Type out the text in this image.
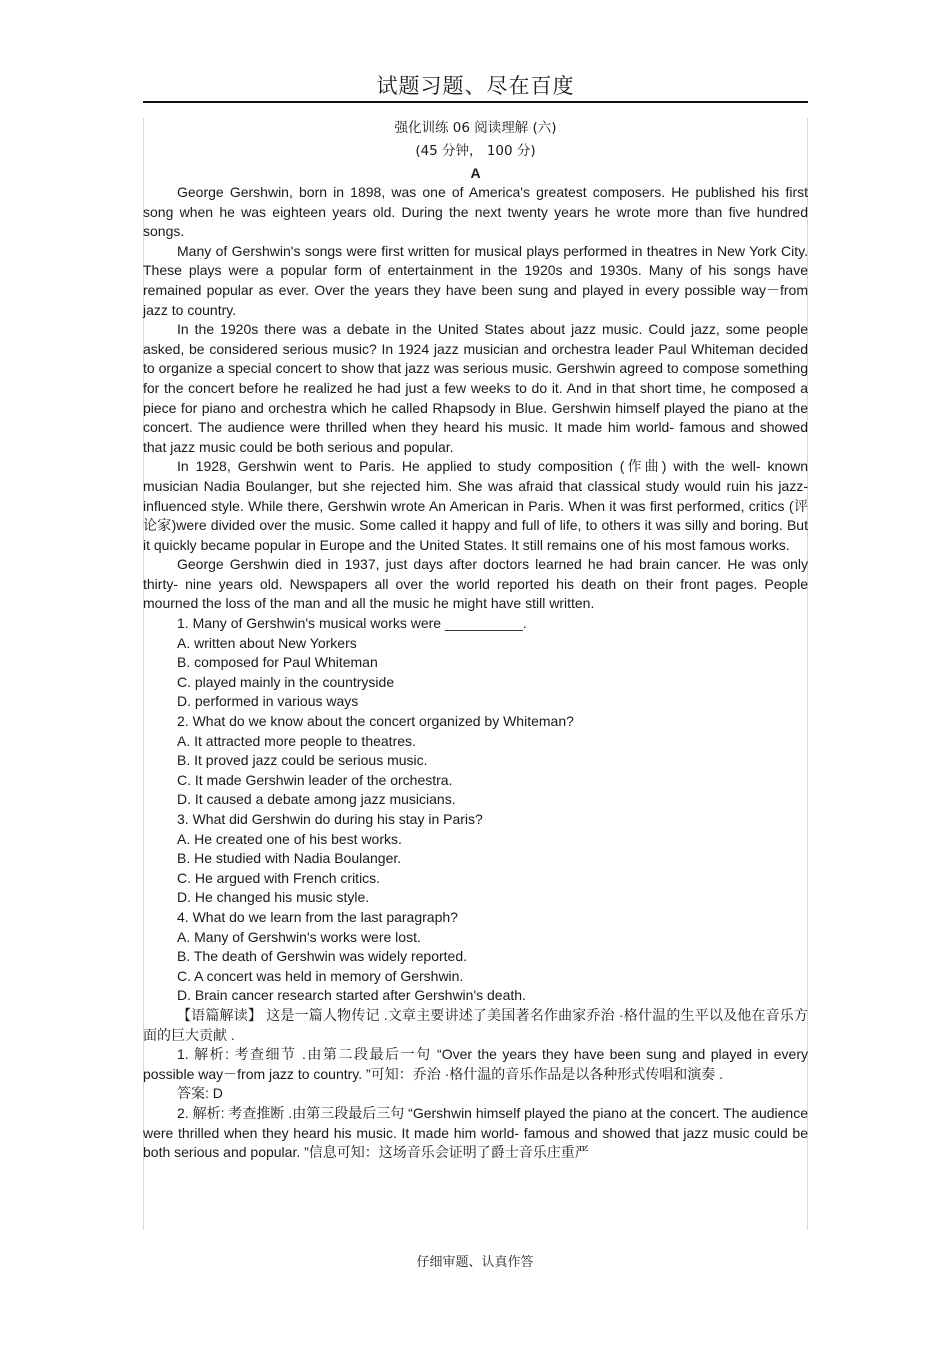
试题习题、尽在百度
强化训练 06 阅读理解 (六)
(45 分钟， 100 分)
A

George Gershwin, born in 1898, was one of America's greatest composers. He published his first song when he was eighteen years old. During the next twenty years he wrote more than five hundred songs.

Many of Gershwin's songs were first written for musical plays performed in theatres in New York City. These plays were a popular form of entertainment in the 1920s and 1930s. Many of his songs have remained popular as ever. Over the years they have been sung and played in every possible way－from jazz to country.

In the 1920s there was a debate in the United States about jazz music. Could jazz, some people asked, be considered serious music? In 1924 jazz musician and orchestra leader Paul Whiteman decided to organize a special concert to show that jazz was serious music. Gershwin agreed to compose something for the concert before he realized he had just a few weeks to do it. And in that short time, he composed a piece for piano and orchestra which he called Rhapsody in Blue. Gershwin himself played the piano at the concert. The audience were thrilled when they heard his music. It made him world- famous and showed that jazz music could be both serious and popular.

In 1928, Gershwin went to Paris. He applied to study composition (作曲) with the well- known musician Nadia Boulanger, but she rejected him. She was afraid that classical study would ruin his jazz- influenced style. While there, Gershwin wrote An American in Paris. When it was first performed, critics (评论家)were divided over the music. Some called it happy and full of life, to others it was silly and boring. But it quickly became popular in Europe and the United States. It still remains one of his most famous works.

George Gershwin died in 1937, just days after doctors learned he had brain cancer. He was only thirty- nine years old. Newspapers all over the world reported his death on their front pages. People mourned the loss of the man and all the music he might have still written.

1. Many of Gershwin's musical works were __________.

A. written about New Yorkers

B. composed for Paul Whiteman

C. played mainly in the countryside

D. performed in various ways

2. What do we know about the concert organized by Whiteman?

A. It attracted more people to theatres.

B. It proved jazz could be serious music.

C. It made Gershwin leader of the orchestra.

D. It caused a debate among jazz musicians.

3. What did Gershwin do during his stay in Paris?

A. He created one of his best works.

B. He studied with Nadia Boulanger.

C. He argued with French critics.

D. He changed his music style.

4. What do we learn from the last paragraph?

A. Many of Gershwin's works were lost.

B. The death of Gershwin was widely reported.

C. A concert was held in memory of Gershwin.

D. Brain cancer research started after Gershwin's death.

【语篇解读】 这是一篇人物传记 .文章主要讲述了美国著名作曲家乔治 ·格什温的生平以及他在音乐方面的巨大贡献 .

1. 解析: 考查细节 .由第二段最后一句 “Over the years they have been sung and played in every possible way－from jazz to country. ”可知：乔治 ·格什温的音乐作品是以各种形式传唱和演奏 .

答案: D

2. 解析: 考查推断 .由第三段最后三句 “Gershwin himself played the piano at the concert. The audience were thrilled when they heard his music. It made him world- famous and showed that jazz music could be both serious and popular. ”信息可知：这场音乐会证明了爵士音乐庄重严

仔细审题、认真作答
